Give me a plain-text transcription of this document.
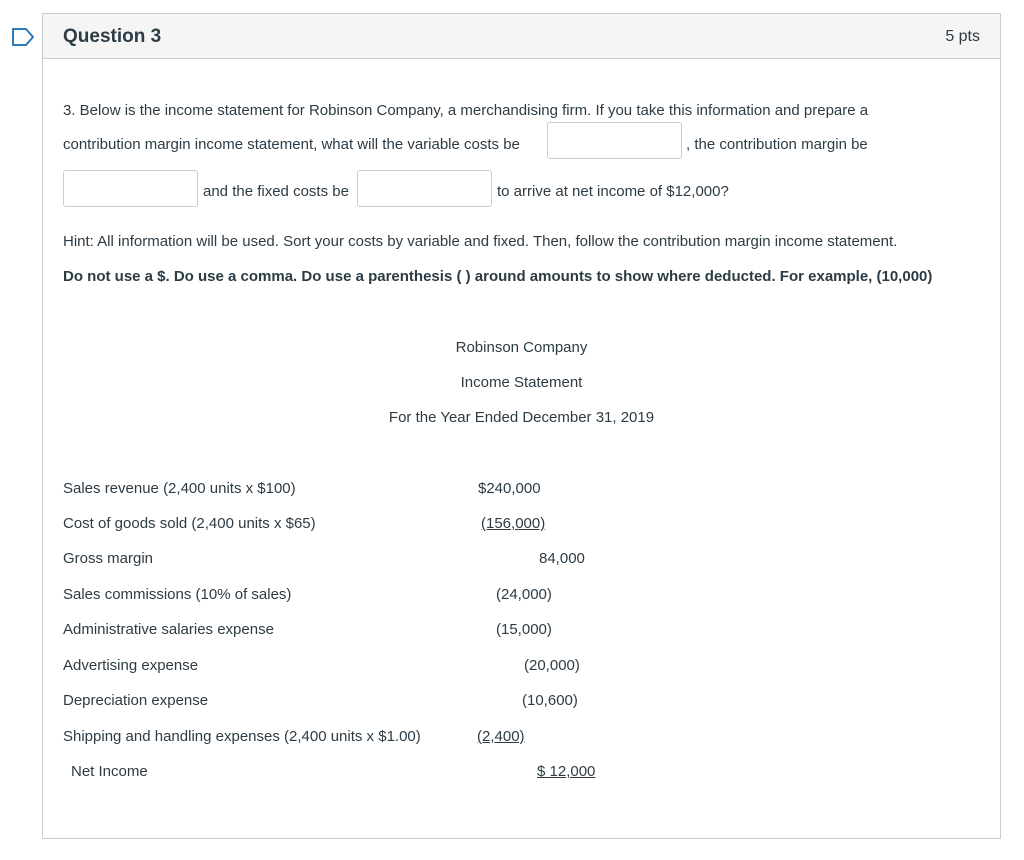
Question 3	5 pts
3. Below is the income statement for Robinson Company, a merchandising firm. If you take this information and prepare a
contribution margin income statement, what will the variable costs be	, the contribution margin be
and the fixed costs be	to arrive at net income of $12,000?
Hint: All information will be used. Sort your costs by variable and fixed. Then, follow the contribution margin income statement.
Do not use a $. Do use a comma. Do use a parenthesis ( ) around amounts to show where deducted. For example, (10,000)
Robinson Company
Income Statement
For the Year Ended December 31, 2019
Sales revenue (2,400 units x $100)	$240,000
Cost of goods sold (2,400 units x $65)	(156,000)
Gross margin	84,000
Sales commissions (10% of sales)	(24,000)
Administrative salaries expense	(15,000)
Advertising expense	(20,000)
Depreciation expense	(10,600)
Shipping and handling expenses (2,400 units x $1.00)	(2,400)
Net Income	$ 12,000
